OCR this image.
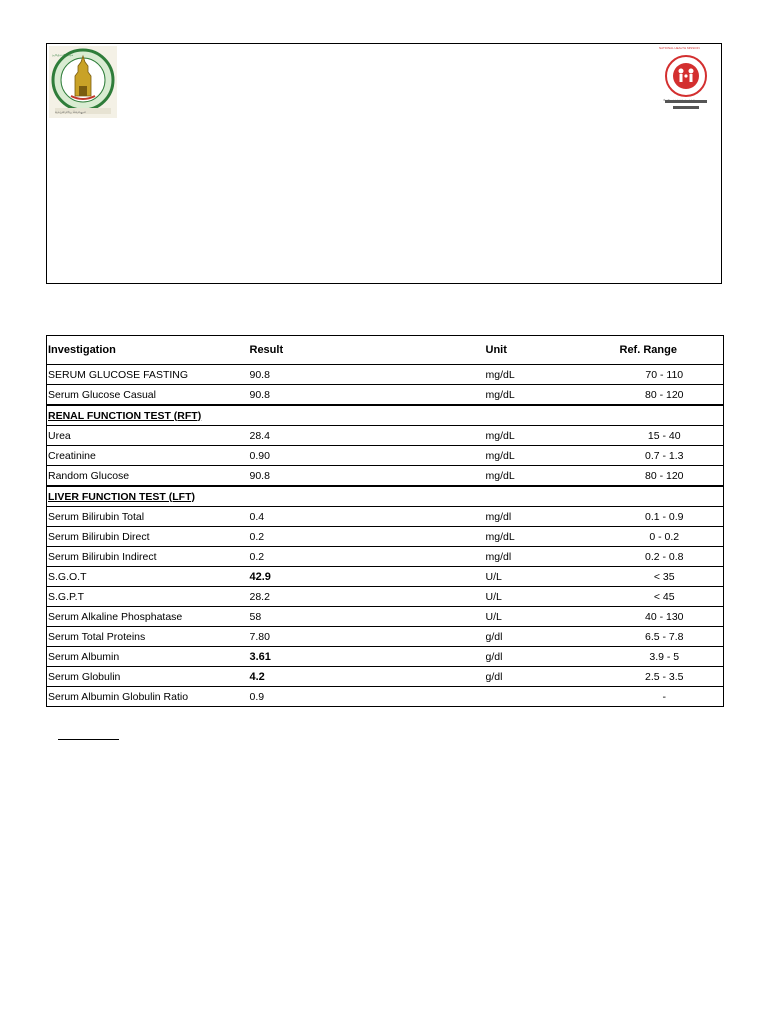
தமிழ்நாடு அரசு
வாய்மையே வெல்லும்
NATIONAL HEALTH MISSION
தேசிய சுகாதார குழுமம்
தமிழ்நாடு
Investigation	Result	Unit	Ref. Range
SERUM GLUCOSE FASTING	90.8	mg/dL	70 - 110
Serum Glucose Casual	90.8	mg/dL	80 - 120
RENAL FUNCTION TEST (RFT)			
Urea	28.4	mg/dL	15 - 40
Creatinine	0.90	mg/dL	0.7 - 1.3
Random Glucose	90.8	mg/dL	80 - 120
LIVER FUNCTION TEST (LFT)			
Serum Bilirubin Total	0.4	mg/dl	0.1 - 0.9
Serum Bilirubin Direct	0.2	mg/dL	0 - 0.2
Serum Bilirubin Indirect	0.2	mg/dl	0.2 - 0.8
S.G.O.T	42.9	U/L	< 35
S.G.P.T	28.2	U/L	< 45
Serum Alkaline Phosphatase	58	U/L	40 - 130
Serum Total Proteins	7.80	g/dl	6.5 - 7.8
Serum Albumin	3.61	g/dl	3.9 - 5
Serum Globulin	4.2	g/dl	2.5 - 3.5
Serum Albumin Globulin Ratio	0.9		-
